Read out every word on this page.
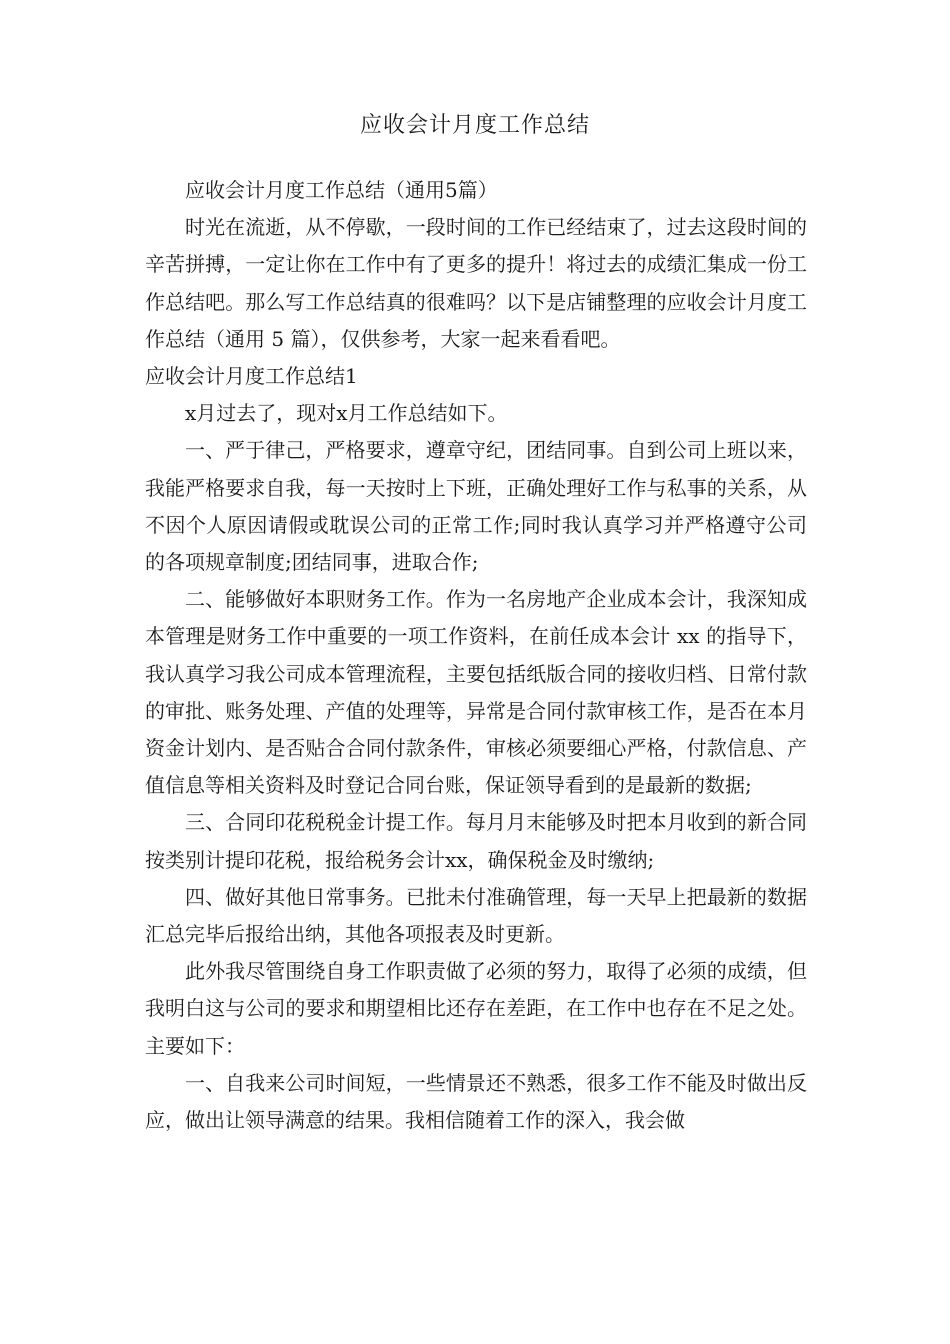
应收会计月度工作总结

应收会计月度工作总结（通用5篇）

时光在流逝，从不停歇，一段时间的工作已经结束了，过去这段时间的辛苦拼搏，一定让你在工作中有了更多的提升！将过去的成绩汇集成一份工作总结吧。那么写工作总结真的很难吗？以下是店铺整理的应收会计月度工作总结（通用 5 篇），仅供参考，大家一起来看看吧。

应收会计月度工作总结1

x月过去了，现对x月工作总结如下。

一、严于律己，严格要求，遵章守纪，团结同事。自到公司上班以来，我能严格要求自我，每一天按时上下班，正确处理好工作与私事的关系，从不因个人原因请假或耽误公司的正常工作;同时我认真学习并严格遵守公司的各项规章制度;团结同事，进取合作;

二、能够做好本职财务工作。作为一名房地产企业成本会计，我深知成本管理是财务工作中重要的一项工作资料，在前任成本会计 xx 的指导下，我认真学习我公司成本管理流程，主要包括纸版合同的接收归档、日常付款的审批、账务处理、产值的处理等，异常是合同付款审核工作，是否在本月资金计划内、是否贴合合同付款条件，审核必须要细心严格，付款信息、产值信息等相关资料及时登记合同台账，保证领导看到的是最新的数据;

三、合同印花税税金计提工作。每月月末能够及时把本月收到的新合同按类别计提印花税，报给税务会计xx，确保税金及时缴纳;

四、做好其他日常事务。已批未付准确管理，每一天早上把最新的数据汇总完毕后报给出纳，其他各项报表及时更新。

此外我尽管围绕自身工作职责做了必须的努力，取得了必须的成绩，但我明白这与公司的要求和期望相比还存在差距，在工作中也存在不足之处。主要如下：

一、自我来公司时间短，一些情景还不熟悉，很多工作不能及时做出反应，做出让领导满意的结果。我相信随着工作的深入，我会做
